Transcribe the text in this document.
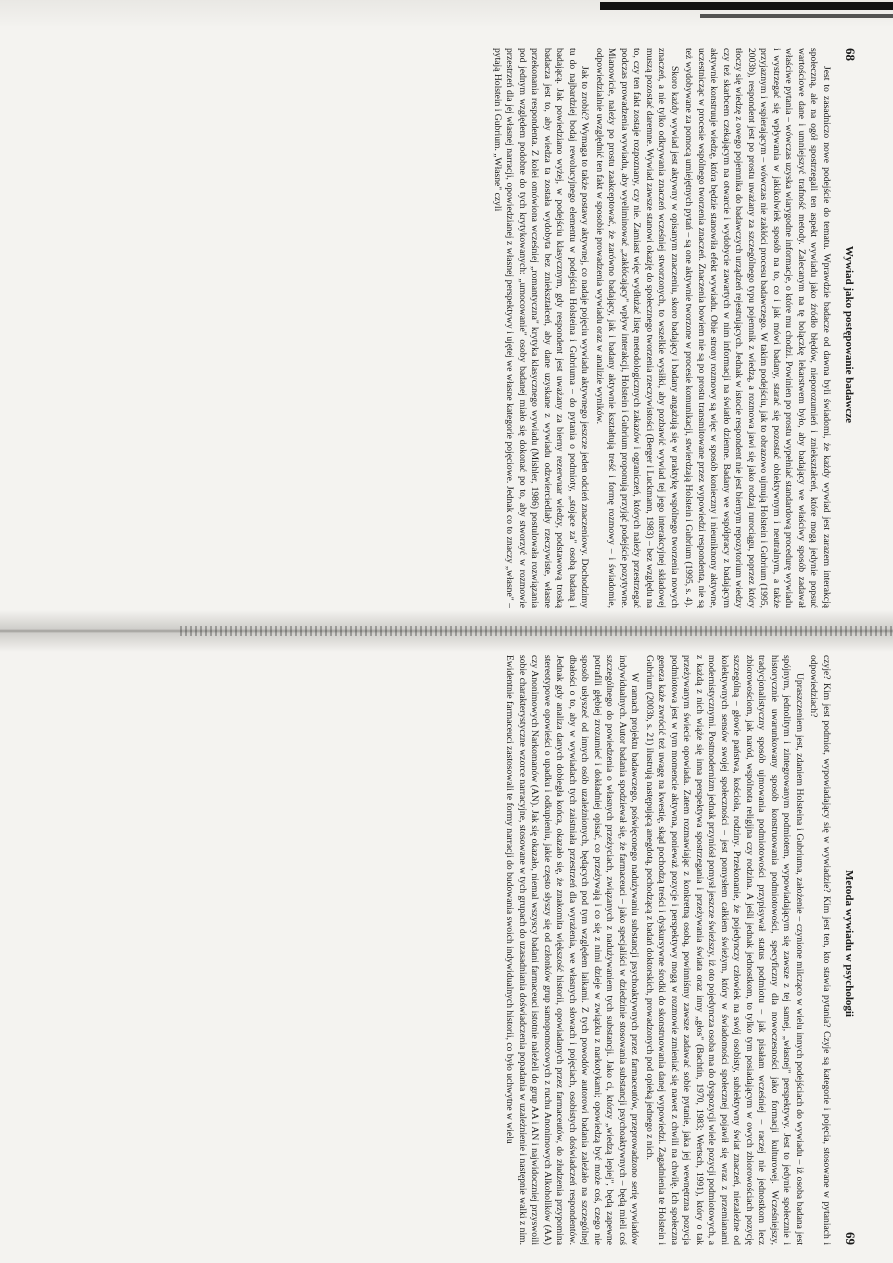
68
Wywiad jako postępowanie badawcze

Jest to zasadniczo nowe podejście do tematu. Wprawdzie badacze od dawna byli świadomi, że każdy wywiad jest zarazem interakcją społeczną, ale na ogół spostrzegali ten aspekt wywiadu jako źródło błędów, nieporozumień i zniekształceń, które mogą jedynie popsuć wartościowe dane i umniejszyć trafność metody. Zalecanym na tę bolączkę lekarstwem było, aby badający we właściwy sposób zadawał właściwe pytania – wówczas uzyska wiarygodne informacje, o które mu chodzi. Powinien po prostu wypełniać standardową procedurę wywiadu i wystrzegać się wpływania w jakikolwiek sposób na to, co i jak mówi badany, starać się pozostać obiektywnym i neutralnym, a także przyjaznym i wspierającym – wówczas nie zakłóci procesu badawczego. W takim podejściu, jak to obrazowo ujmują Holstein i Gubrium (1995, 2003b), respondent jest po prostu uważany za szczególnego typu pojemnik z wiedzą, a rozmowa jawi się jako rodzaj rurociągu, poprzez który tłoczy się wiedzę z owego pojemnika do badawczych urządzeń rejestrujących. Jednak w istocie respondent nie jest biernym repozytorium wiedzy czy też skarbcem czekającym na otwarcie i wydobycie zawartych w nim informacji na światło dzienne. Badany we współpracy z badającym aktywnie konstruuje wiedzę, która będzie stanowiła efekt wywiadu. Obie strony rozmowy są więc w sposób konieczny i nieuniknony aktywne, uczestnicząc w procesie wspólnego tworzenia znaczeń. Znaczenia bowiem nie są po prostu transmitowane przez wypowiedzi respondenta, nie są też wydobywane za pomocą umiejętnych pytań – są one aktywnie tworzone w procesie komunikacji, stwierdzają Holstein i Gubrium (1995, s. 4).

Skoro każdy wywiad jest aktywny w opisanym znaczeniu, skoro badający i badany angażują się w praktykę wspólnego tworzenia nowych znaczeń, a nie tylko odkrywania znaczeń wcześniej stworzonych, to wszelkie wysiłki, aby pozbawić wywiad tej jego interakcyjnej składowej muszą pozostać daremne. Wywiad zawsze stanowi okazję do społecznego tworzenia rzeczywistości (Berger i Luckmann, 1983) – bez względu na to, czy ten fakt zostaje rozpoznany, czy nie. Zamiast więc wydłużać listę metodologicznych zakazów i ograniczeń, których należy przestrzegać podczas prowadzenia wywiadu, aby wyeliminować „zakłócający" wpływ interakcji, Holstein i Gubrium proponują przyjąć podejście pozytywne. Mianowicie, należy po prostu zaakceptować, że zarówno badający, jak i badany aktywnie kształtują treść i formę rozmowy – i świadomie, odpowiedzialnie uwzględnić ten fakt w sposobie prowadzenia wywiadu oraz w analizie wyników.

Jak to zrobić? Wymaga to także postawy aktywnej, co nadaje pojęciu wywiadu aktywnego jeszcze jeden odcień znaczeniowy. Dochodzimy tu do najbardziej bodaj rewolucyjnego elementu w podejściu Holsteina i Gubriuma – do pytania o podmioty, „stojące za" osobą badaną i badającą. Jak powiedziano wyżej, w podejściu klasycznym, gdy respondent jest uważany za bierny rezerwuar wiedzy, podstawową troską badacza jest to, aby wiedza ta została wydobyta bez zniekształceń, aby dane uzyskane z wywiadu odzwierciedlały rzeczywiste, własne przekonania respondenta. Z kolei omówiona wcześniej „romantyczna" krytyka klasycznego wywiadu (Mishler, 1986) postulowała rozwiązania pod jednym względem podobne do tych krytykowanych: „umocowanie" osoby badanej miało się dokonać po to, aby stworzyć w rozmowie przestrzeń dla jej własnej narracji, opowiedzianej z własnej perspektywy i ujętej we własne kategorie pojęciowe. Jednak co to znaczy „własne" – pytają Holstein i Gubrium. „Własne" czyli

Metoda wywiadu w psychologii
69

czyje? Kim jest podmiot, wypowiadający się w wywiadzie? Kim jest ten, kto stawia pytania? Czyje są kategorie i pojęcia, stosowane w pytaniach i odpowiedziach?

Upraszczeniem jest, zdaniem Holsteina i Gubriuma, założenie – czynione milcząco w wielu innych podejściach do wywiadu – iż osoba badana jest spójnym, jednolitym i zintegrowanym podmiotem, wypowiadającym się zawsze z tej samej, „własnej" perspektywy. Jest to jedynie społecznie i historycznie uwarunkowany sposób konstruowania podmiotowości, specyficzny dla nowoczesności jako formacji kulturowej. Wcześniejszy, tradycjonalistyczny sposób ujmowania podmiotowości przypisywał status podmiotu – jak pisałam wcześniej – raczej nie jednostkom lecz zbiorowościom, jak naród, wspólnota religijna czy rodzina. A jeśli jednak jednostkom, to tylko tym posiadającym w owych zbiorowościach pozycję szczególną – głowie państwa, kościoła, rodziny. Przekonanie, że pojedynczy człowiek na swój osobisty, subiektywny świat znaczeń, niezależne od kolektywnych sensów swojej społeczności – jest pomysłem całkiem świeżym, który w świadomości społecznej pojawił się wraz z przemianami modernistycznymi. Postmodernizm jednak przyniósł pomysł jeszcze świeższy, iż oto pojedyncza osoba ma do dyspozycji wiele pozycji podmiotowych, a z każdą z nich wiąże się inna perspektywa spostrzegania i przeżywania świata oraz inny „głos" (Bachtin, 1970, 1983; Wertsch, 1991), który o tak przeżywanym świecie opowiada. Zatem rozmawiając z konkretną osobą, powinniśmy zawsze zadawać sobie pytanie, jaka jej wewnętrzna pozycja podmiotowa jest w tym momencie aktywna, ponieważ pozycje i perspektywy mogą w rozmowie zmieniać się nawet z chwili na chwilę. Ich społeczna geneza każe zwrócić też uwagę na kwestię, skąd pochodzą treści i dyskursywne środki do skonstruowania danej wypowiedzi. Zagadnienia te Holstein i Gubrium (2003b, s. 21) ilustrują następującą anegdotą, pochodzącą z badań doktorskich, prowadzonych pod opieką jednego z nich.

W ramach projektu badawczego, poświęconego nadużywaniu substancji psychoaktywnych przez farmaceutów, przeprowadzono serię wywiadów indywidualnych. Autor badania spodziewał się, że farmaceuci – jako specjaliści w dziedzinie stosowania substancji psychoaktywnych – będą mieli coś szczególnego do powiedzenia o własnych przeżyciach, związanych z nadużywaniem tych substancji. Jako ci, którzy „wiedzą lepiej", będą zapewne potrafili głębiej zrozumieć i dokładniej opisać, co przeżywają i co się z nimi dzieje w związku z narkotykami; opowiedzą być może coś, czego nie sposób usłyszeć od innych osób uzależnionych, będących pod tym względem laikami. Z tych powodów autorowi badania zależało na szczególnej dbałości o to, aby w wywiadach tych zaistniała przestrzeń dla wyrażenia, we własnych słowach i pojęciach, osobistych doświadczeń respondentów. Jednak gdy analiza danych dobiegła końca, okazało się, że znakomita większość historii, opowiadanych przez farmaceutów, do złudzenia przypomina stereotypowe opowieści o upadku i odkupieniu, jakie często słyszy się od członków grup samopomocowych z ruchu Anonimowych Alkoholików (AA) czy Anonimowych Narkomanów (AN). Jak się okazało, niemal wszyscy badani farmaceuci istotnie należeli do grup AA i AN i najwidoczniej przyswoili sobie charakterystyczne wzorce narracyjne, stosowane w tych grupach do uzasadniania doświadczenia popadania w uzależnienie i następnie walki z nim. Ewidentnie farmaceuci zastosowali te formy narracji do budowania swoich indywidualnych historii, co było uchwytne w wielu
